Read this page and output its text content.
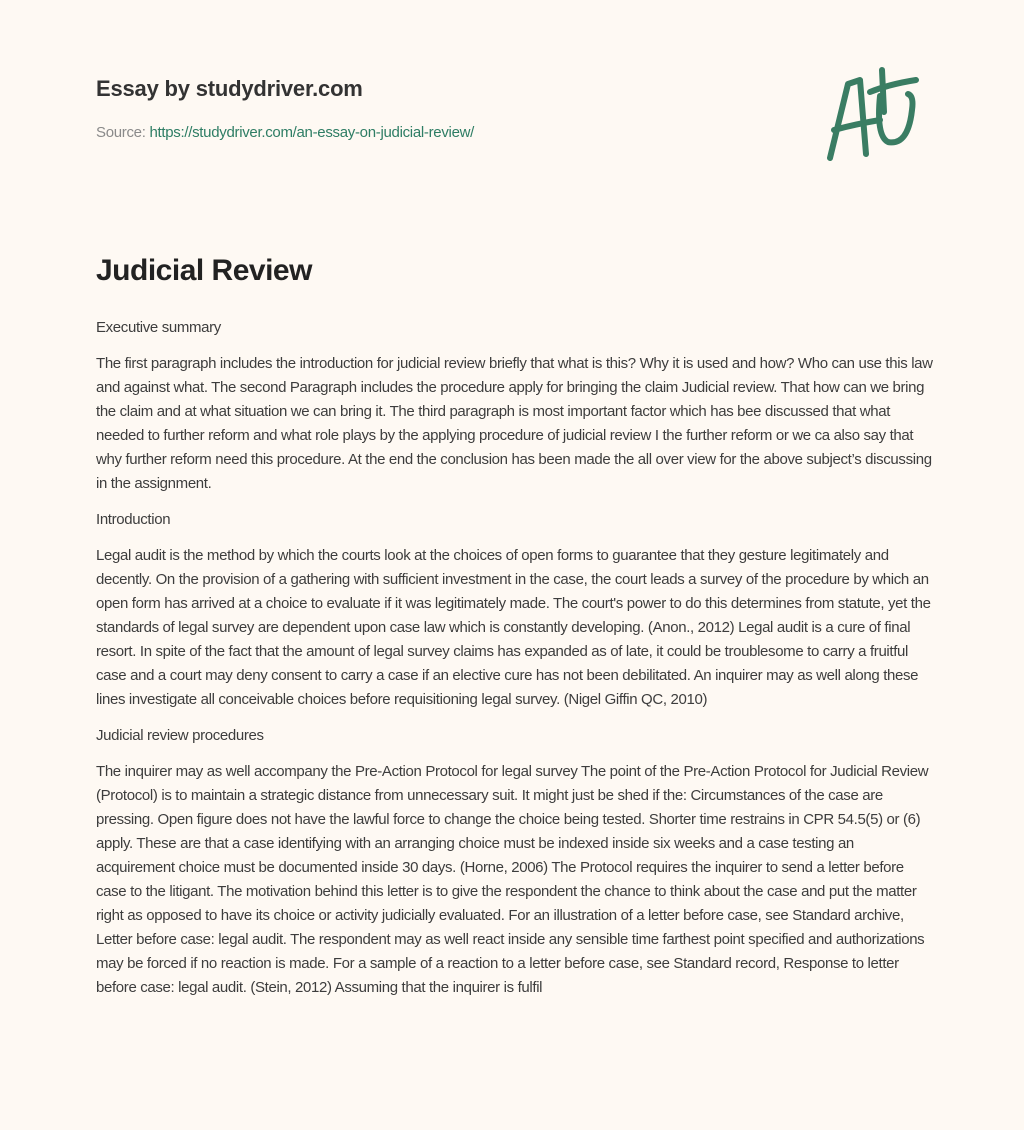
Essay by studydriver.com
Source: https://studydriver.com/an-essay-on-judicial-review/
Judicial Review

Executive summary

The first paragraph includes the introduction for judicial review briefly that what is this? Why it is used and how? Who can use this law and against what. The second Paragraph includes the procedure apply for bringing the claim Judicial review. That how can we bring the claim and at what situation we can bring it. The third paragraph is most important factor which has bee discussed that what needed to further reform and what role plays by the applying procedure of judicial review I the further reform or we ca also say that why further reform need this procedure. At the end the conclusion has been made the all over view for the above subject’s discussing in the assignment.

Introduction

Legal audit is the method by which the courts look at the choices of open forms to guarantee that they gesture legitimately and decently. On the provision of a gathering with sufficient investment in the case, the court leads a survey of the procedure by which an open form has arrived at a choice to evaluate if it was legitimately made. The court's power to do this determines from statute, yet the standards of legal survey are dependent upon case law which is constantly developing. (Anon., 2012) Legal audit is a cure of final resort. In spite of the fact that the amount of legal survey claims has expanded as of late, it could be troublesome to carry a fruitful case and a court may deny consent to carry a case if an elective cure has not been debilitated. An inquirer may as well along these lines investigate all conceivable choices before requisitioning legal survey. (Nigel Giffin QC, 2010)

Judicial review procedures

The inquirer may as well accompany the Pre-Action Protocol for legal survey The point of the Pre-Action Protocol for Judicial Review (Protocol) is to maintain a strategic distance from unnecessary suit. It might just be shed if the: Circumstances of the case are pressing. Open figure does not have the lawful force to change the choice being tested. Shorter time restrains in CPR 54.5(5) or (6) apply. These are that a case identifying with an arranging choice must be indexed inside six weeks and a case testing an acquirement choice must be documented inside 30 days. (Horne, 2006) The Protocol requires the inquirer to send a letter before case to the litigant. The motivation behind this letter is to give the respondent the chance to think about the case and put the matter right as opposed to have its choice or activity judicially evaluated. For an illustration of a letter before case, see Standard archive, Letter before case: legal audit. The respondent may as well react inside any sensible time farthest point specified and authorizations may be forced if no reaction is made. For a sample of a reaction to a letter before case, see Standard record, Response to letter before case: legal audit. (Stein, 2012) Assuming that the inquirer is fulfil
